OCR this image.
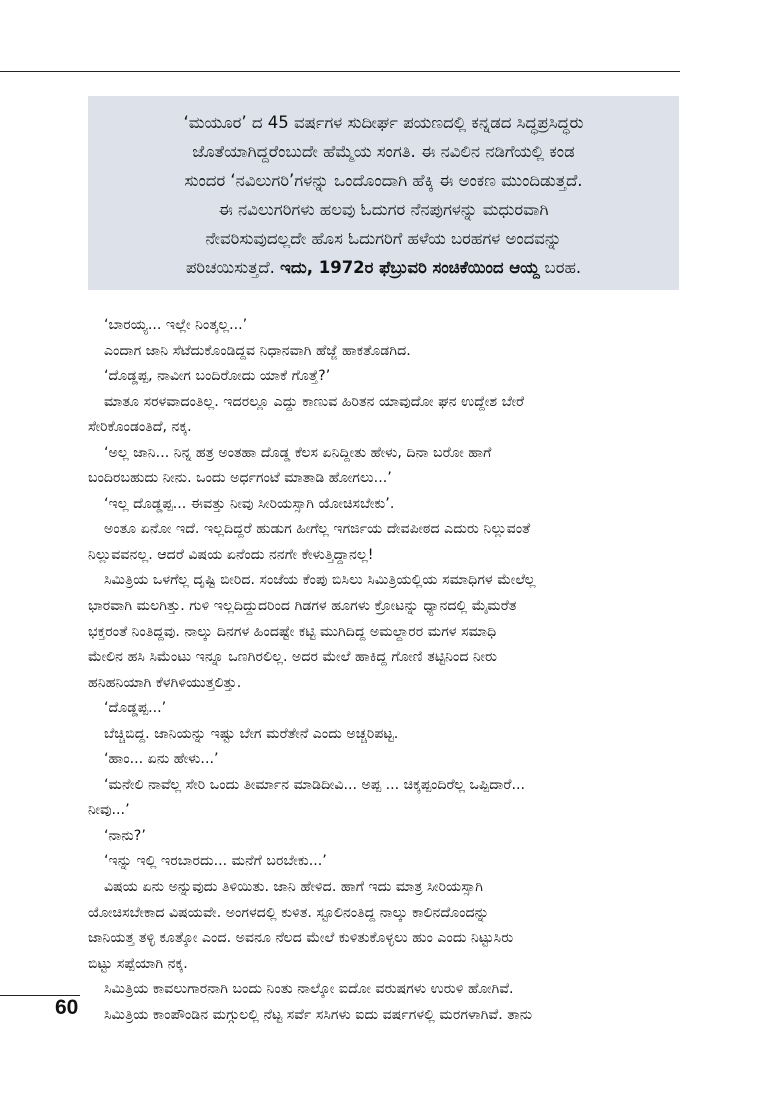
‘ಮಯೂರ’ ದ 45 ವರ್ಷಗಳ ಸುದೀರ್ಘ ಪಯಣದಲ್ಲಿ ಕನ್ನಡದ ಸಿದ್ಧಪ್ರಸಿದ್ಧರು
ಜೊತೆಯಾಗಿದ್ದರೆಂಬುದೇ ಹೆಮ್ಮೆಯ ಸಂಗತಿ. ಈ ನವಿಲಿನ ನಡಿಗೆಯಲ್ಲಿ ಕಂಡ
ಸುಂದರ ‘ನವಿಲುಗರಿ’ಗಳನ್ನು ಒಂದೊಂದಾಗಿ ಹೆಕ್ಕಿ ಈ ಅಂಕಣ ಮುಂದಿಡುತ್ತದೆ.
ಈ ನವಿಲುಗರಿಗಳು ಹಲವು ಓದುಗರ ನೆನಪುಗಳನ್ನು ಮಧುರವಾಗಿ
ನೇವರಿಸುವುದಲ್ಲದೇ ಹೊಸ ಓದುಗರಿಗೆ ಹಳೆಯ ಬರಹಗಳ ಅಂದವನ್ನು
ಪರಿಚಯಿಸುತ್ತದೆ. ಇದು, 1972ರ ಫೆಬ್ರುವರಿ ಸಂಚಿಕೆಯಿಂದ ಆಯ್ದ ಬರಹ.
‘ಬಾರಯ್ಯ... ಇಲ್ಲೇ ನಿಂತ್ಕಲ್ಲ...’
ಎಂದಾಗ ಜಾನಿ ಸೆಟೆದುಕೊಂಡಿದ್ದವ ನಿಧಾನವಾಗಿ ಹೆಜ್ಜೆ ಹಾಕತೊಡಗಿದ.
‘ದೊಡ್ಡಪ್ಪ, ನಾವೀಗ ಬಂದಿರೋದು ಯಾಕೆ ಗೊತ್ತೆ?’
ಮಾತೂ ಸರಳವಾದಂತಿಲ್ಲ. ಇದರಲ್ಲೂ ಎದ್ದು ಕಾಣುವ ಹಿರಿತನ ಯಾವುದೋ ಘನ ಉದ್ದೇಶ ಬೇರೆ
ಸೇರಿಕೊಂಡಂತಿದೆ, ನಕ್ಕ.
‘ಅಲ್ಲ ಜಾನಿ... ನಿನ್ನ ಹತ್ರ ಅಂತಹಾ ದೊಡ್ಡ ಕೆಲಸ ಏನಿದ್ದೀತು ಹೇಳು, ದಿನಾ ಬರೋ ಹಾಗೆ
ಬಂದಿರಬಹುದು ನೀನು. ಒಂದು ಅರ್ಧಗಂಟೆ ಮಾತಾಡಿ ಹೋಗಲು...’
‘ಇಲ್ಲ ದೊಡ್ಡಪ್ಪ... ಈವತ್ತು ನೀವು ಸೀರಿಯಸ್ಸಾಗಿ ಯೋಚಿಸಬೇಕು’.
ಅಂತೂ ಏನೋ ಇದೆ. ಇಲ್ಲದಿದ್ದರೆ ಹುಡುಗ ಹೀಗೆಲ್ಲ ಇಗರ್ಜಿಯ ದೇವಪೀಠದ ಎದುರು ನಿಲ್ಲುವಂತೆ
ನಿಲ್ಲುವವನಲ್ಲ. ಆದರೆ ವಿಷಯ ಏನೆಂದು ನನಗೇ ಕೇಳುತ್ತಿದ್ದಾನಲ್ಲ!
ಸಿಮಿತ್ರಿಯ ಒಳಗೆಲ್ಲ ದೃಷ್ಟಿ ಬೀರಿದ. ಸಂಜೆಯ ಕೆಂಪು ಬಿಸಿಲು ಸಿಮಿತ್ರಿಯಲ್ಲಿಯ ಸಮಾಧಿಗಳ ಮೇಲೆಲ್ಲ
ಭಾರವಾಗಿ ಮಲಗಿತ್ತು. ಗುಳಿ ಇಲ್ಲದಿದ್ದುದರಿಂದ ಗಿಡಗಳ ಹೂಗಳು ಕ್ರೋಟನ್ನು ಧ್ಯಾನದಲ್ಲಿ ಮೈಮರೆತ
ಭಕ್ತರಂತೆ ನಿಂತಿದ್ದವು. ನಾಲ್ಕು ದಿನಗಳ ಹಿಂದಷ್ಟೇ ಕಟ್ಟಿ ಮುಗಿದಿದ್ದ ಅಮಲ್ದಾರರ ಮಗಳ ಸಮಾಧಿ
ಮೇಲಿನ ಹಸಿ ಸಿಮೆಂಟು ಇನ್ನೂ ಒಣಗಿರಲಿಲ್ಲ. ಅದರ ಮೇಲೆ ಹಾಕಿದ್ದ ಗೋಣಿ ತಟ್ಟಿನಿಂದ ನೀರು
ಹನಿಹನಿಯಾಗಿ ಕೆಳಗಿಳಿಯುತ್ತಲಿತ್ತು.
‘ದೊಡ್ಡಪ್ಪ...’
ಬೆಚ್ಚಿಬಿದ್ದ. ಜಾನಿಯನ್ನು ಇಷ್ಟು ಬೇಗ ಮರೆತೇನೆ ಎಂದು ಅಚ್ಚರಿಪಟ್ಟ.
‘ಹಾಂ... ಏನು ಹೇಳು...’
‘ಮನೇಲಿ ನಾವೆಲ್ಲ ಸೇರಿ ಒಂದು ತೀರ್ಮಾನ ಮಾಡಿದೀವಿ... ಅಪ್ಪ ... ಚಿಕ್ಕಪ್ಪಂದಿರೆಲ್ಲ ಒಪ್ಪಿದಾರೆ...
ನೀವು...’
‘ನಾನು?’
‘ಇನ್ನು ಇಲ್ಲಿ ಇರಬಾರದು... ಮನೆಗೆ ಬರಬೇಕು...’
ವಿಷಯ ಏನು ಅನ್ನುವುದು ತಿಳಿಯಿತು. ಜಾನಿ ಹೇಳಿದ. ಹಾಗೆ ಇದು ಮಾತ್ರ ಸೀರಿಯಸ್ಸಾಗಿ
ಯೋಚಿಸಬೇಕಾದ ವಿಷಯವೇ. ಅಂಗಳದಲ್ಲಿ ಕುಳಿತ. ಸ್ಟೂಲಿನಂತಿದ್ದ ನಾಲ್ಕು ಕಾಲಿನದೊಂದನ್ನು
ಜಾನಿಯತ್ತ ತಳ್ಳಿ ಕೂತ್ಕೋ ಎಂದ. ಅವನೂ ನೆಲದ ಮೇಲೆ ಕುಳಿತುಕೊಳ್ಳಲು ಹುಂ ಎಂದು ನಿಟ್ಟುಸಿರು
ಬಿಟ್ಟು ಸಪ್ಪೆಯಾಗಿ ನಕ್ಕ.
ಸಿಮಿತ್ರಿಯ ಕಾವಲುಗಾರನಾಗಿ ಬಂದು ನಿಂತು ನಾಲ್ಕೋ ಐದೋ ವರುಷಗಳು ಉರುಳಿ ಹೋಗಿವೆ.
ಸಿಮಿತ್ರಿಯ ಕಾಂಪೌಂಡಿನ ಮಗ್ಗುಲಲ್ಲಿ ನೆಟ್ಟ ಸರ್ವೆ ಸಸಿಗಳು ಐದು ವರ್ಷಗಳಲ್ಲಿ ಮರಗಳಾಗಿವೆ. ತಾನು
60
